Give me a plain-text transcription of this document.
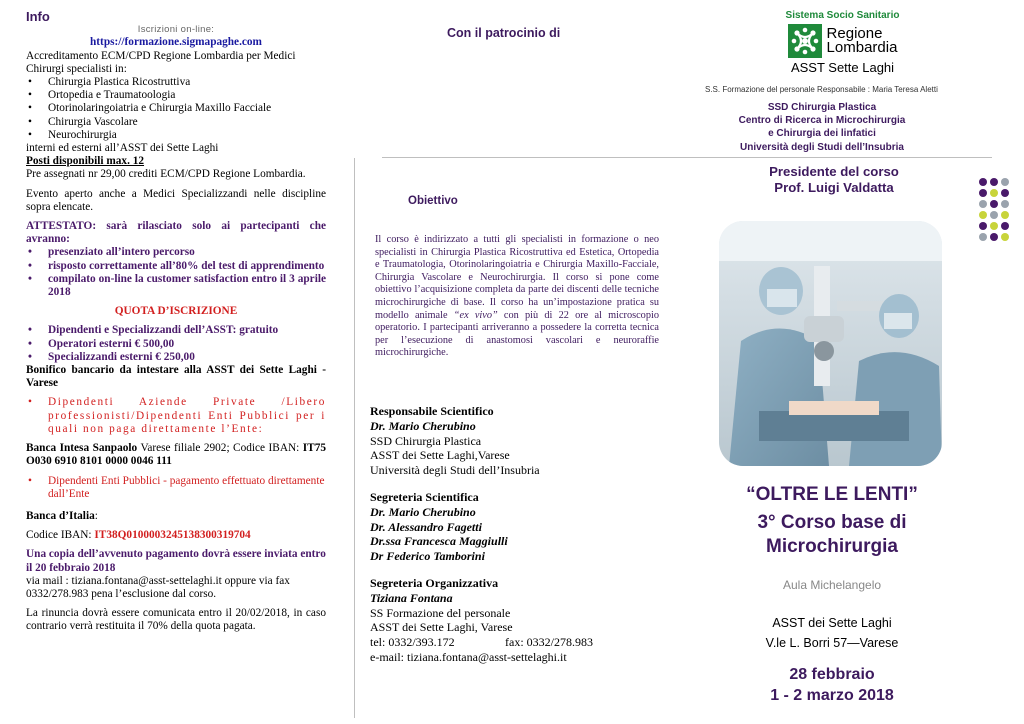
Info
Iscrizioni on-line:
https://formazione.sigmapaghe.com
Accreditamento ECM/CPD Regione Lombardia per Medici Chirurgi specialisti in:
• Chirurgia Plastica Ricostruttiva
• Ortopedia e Traumatoologia
• Otorinolaringoiatria e Chirurgia Maxillo Facciale
• Chirurgia Vascolare
• Neurochirurgia
interni ed esterni all’ASST dei Sette Laghi
Posti disponibili max. 12
Pre assegnati nr 29,00 crediti ECM/CPD Regione Lombardia.
Evento aperto anche a Medici Specializzandi nelle discipline sopra elencate.
ATTESTATO: sarà rilasciato solo ai partecipanti che avranno:
• presenziato all’intero percorso
• risposto correttamente all’80% del test di apprendimento
• compilato on-line la customer satisfaction entro il 3 aprile 2018
QUOTA D’ISCRIZIONE
• Dipendenti e Specializzandi dell’ASST: gratuito
• Operatori esterni € 500,00
• Specializzandi esterni € 250,00
Bonifico bancario da intestare alla ASST dei Sette Laghi - Varese
• Dipendenti Aziende Private /Libero professionisti/Dipendenti Enti Pubblici per i quali non paga direttamente l’Ente:
Banca Intesa Sanpaolo Varese filiale 2902; Codice IBAN: IT75 O030 6910 8101 0000 0046 111
• Dipendenti Enti Pubblici - pagamento effettuato direttamente dall’Ente
Banca d’Italia:
Codice IBAN: IT38Q0100003245138300319704
Una copia dell’avvenuto pagamento dovrà essere inviata entro il 20 febbraio 2018
via mail : tiziana.fontana@asst-settelaghi.it oppure via fax 0332/278.983 pena l’esclusione dal corso.
La rinuncia dovrà essere comunicata entro il 20/02/2018, in caso contrario verrà restituita il 70% della quota pagata.
Con il patrocinio di
Obiettivo
Il corso è indirizzato a tutti gli specialisti in formazione o neo specialisti in Chirurgia Plastica Ricostruttiva ed Estetica, Ortopedia e Traumatologia, Otorinolaringoiatria e Chirurgia Maxillo-Facciale, Chirurgia Vascolare e Neurochirurgia. Il corso si pone come obiettivo l’acquisizione completa da parte dei discenti delle tecniche microchirurgiche di base. Il corso ha un’impostazione pratica su modello animale “ex vivo” con più di 22 ore al microscopio operatorio. I partecipanti arriveranno a possedere la corretta tecnica per l’esecuzione di anastomosi vascolari e neuroraffie microchirurgiche.
Responsabile Scientifico
Dr. Mario Cherubino
SSD Chirurgia Plastica
ASST dei Sette Laghi,Varese
Università degli Studi dell’Insubria
Segreteria Scientifica
Dr. Mario Cherubino
Dr. Alessandro Fagetti
Dr.ssa Francesca Maggiulli
Dr Federico Tamborini
Segreteria Organizzativa
Tiziana Fontana
SS Formazione del personale
ASST dei Sette Laghi, Varese
tel: 0332/393.172	fax: 0332/278.983
e-mail: tiziana.fontana@asst-settelaghi.it
Sistema Socio Sanitario
Regione
Lombardia
ASST Sette Laghi
S.S. Formazione del personale Responsabile : Maria Teresa Aletti
SSD Chirurgia Plastica
Centro di Ricerca in Microchirurgia
e Chirurgia dei linfatici
Università degli Studi dell’Insubria
Presidente del corso
Prof. Luigi Valdatta
“OLTRE LE LENTI”
3° Corso base di
Microchirurgia
Aula Michelangelo
ASST dei Sette Laghi
V.le L. Borri 57—Varese
28 febbraio
1 - 2 marzo 2018
